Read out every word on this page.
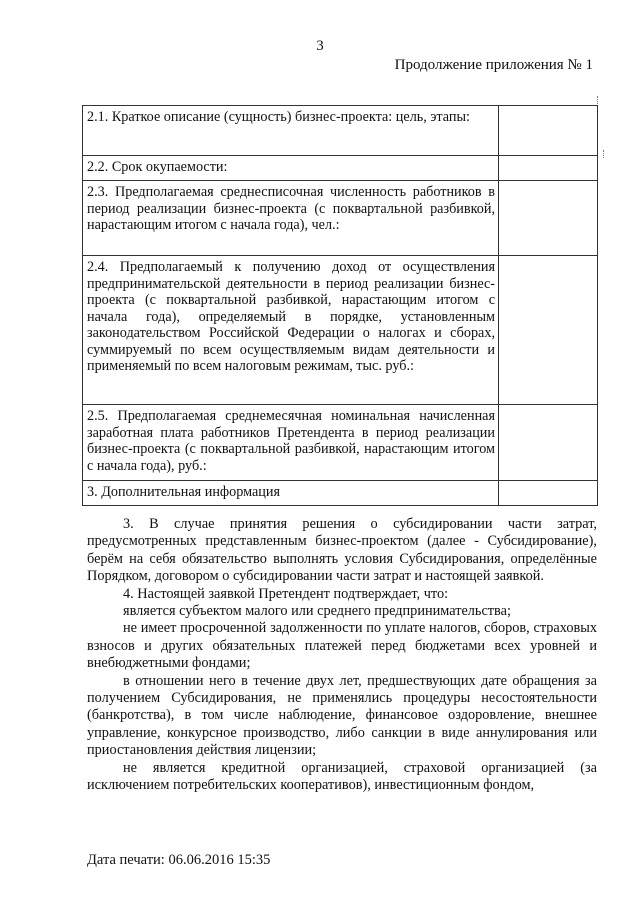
3
Продолжение приложения № 1
2.1. Краткое описание (сущность) бизнес-проекта: цель, этапы:	
2.2. Срок окупаемости:	
2.3. Предполагаемая среднесписочная численность работников в период реализации бизнес-проекта (с поквартальной разбивкой, нарастающим итогом с начала года), чел.:	
2.4. Предполагаемый к получению доход от осуществления предпринимательской деятельности в период реализации бизнес-проекта (с поквартальной разбивкой, нарастающим итогом с начала года), определяемый в порядке, установленным законодательством Российской Федерации о налогах и сборах, суммируемый по всем осуществляемым видам деятельности и применяемый по всем налоговым режимам, тыс. руб.:	
2.5. Предполагаемая среднемесячная номинальная начисленная заработная плата работников Претендента в период реализации бизнес-проекта (с поквартальной разбивкой, нарастающим итогом с начала года), руб.:	
3. Дополнительная информация	

3. В случае принятия решения о субсидировании части затрат, предусмотренных представленным бизнес-проектом (далее - Субсидирование), берём на себя обязательство выполнять условия Субсидирования, определённые Порядком, договором о субсидировании части затрат и настоящей заявкой.

4. Настоящей заявкой Претендент подтверждает, что:

является субъектом малого или среднего предпринимательства;

не имеет просроченной задолженности по уплате налогов, сборов, страховых взносов и других обязательных платежей перед бюджетами всех уровней и внебюджетными фондами;

в отношении него в течение двух лет, предшествующих дате обращения за получением Субсидирования, не применялись процедуры несостоятельности (банкротства), в том числе наблюдение, финансовое оздоровление, внешнее управление, конкурсное производство, либо санкции в виде аннулирования или приостановления действия лицензии;

не является кредитной организацией, страховой организацией (за исключением потребительских кооперативов), инвестиционным фондом,

Дата печати: 06.06.2016 15:35
